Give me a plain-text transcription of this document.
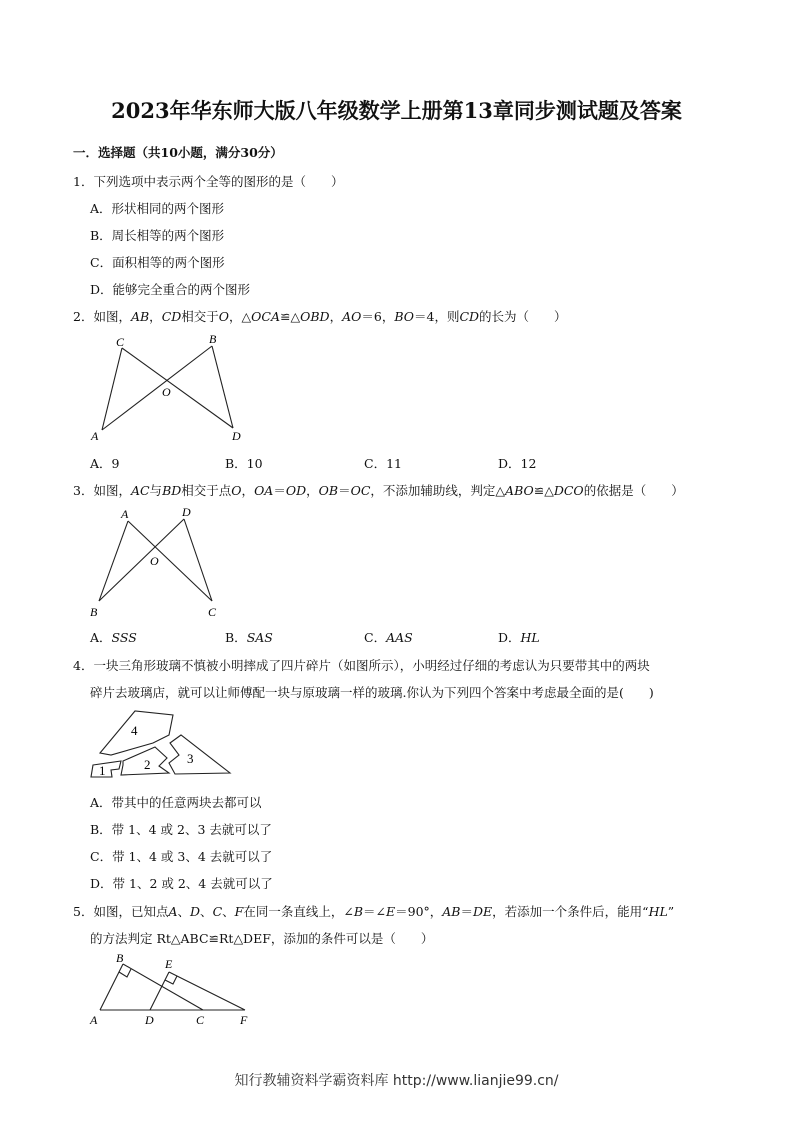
2023年华东师大版八年级数学上册第13章同步测试题及答案
一．选择题（共10小题，满分30分）
1．下列选项中表示两个全等的图形的是（　　）
A．形状相同的两个图形
B．周长相等的两个图形
C．面积相等的两个图形
D．能够完全重合的两个图形
2．如图，AB，CD相交于O，△OCA≌△OBD，AO＝6，BO＝4，则CD的长为（　　）
C	B
O
A	D
A．9	B．10	C．11	D．12
3．如图，AC与BD相交于点O，OA＝OD，OB＝OC，不添加辅助线，判定△ABO≌△DCO的依据是（　　）
A	D
O
B	C
A．SSS	B．SAS	C．AAS	D．HL
4．一块三角形玻璃不慎被小明摔成了四片碎片（如图所示），小明经过仔细的考虑认为只要带其中的两块
碎片去玻璃店，就可以让师傅配一块与原玻璃一样的玻璃.你认为下列四个答案中考虑最全面的是(　　)
4
3
2
1
A．带其中的任意两块去都可以
B．带 1、4 或 2、3 去就可以了
C．带 1、4 或 3、4 去就可以了
D．带 1、2 或 2、4 去就可以了
5．如图，已知点A、D、C、F在同一条直线上，∠B＝∠E＝90°，AB＝DE，若添加一个条件后，能用“HL”
的方法判定 Rt△ABC≌Rt△DEF，添加的条件可以是（　　）
B	E
A	D	C	F
知行教辅资料学霸资料库 http://www.lianjie99.cn/
